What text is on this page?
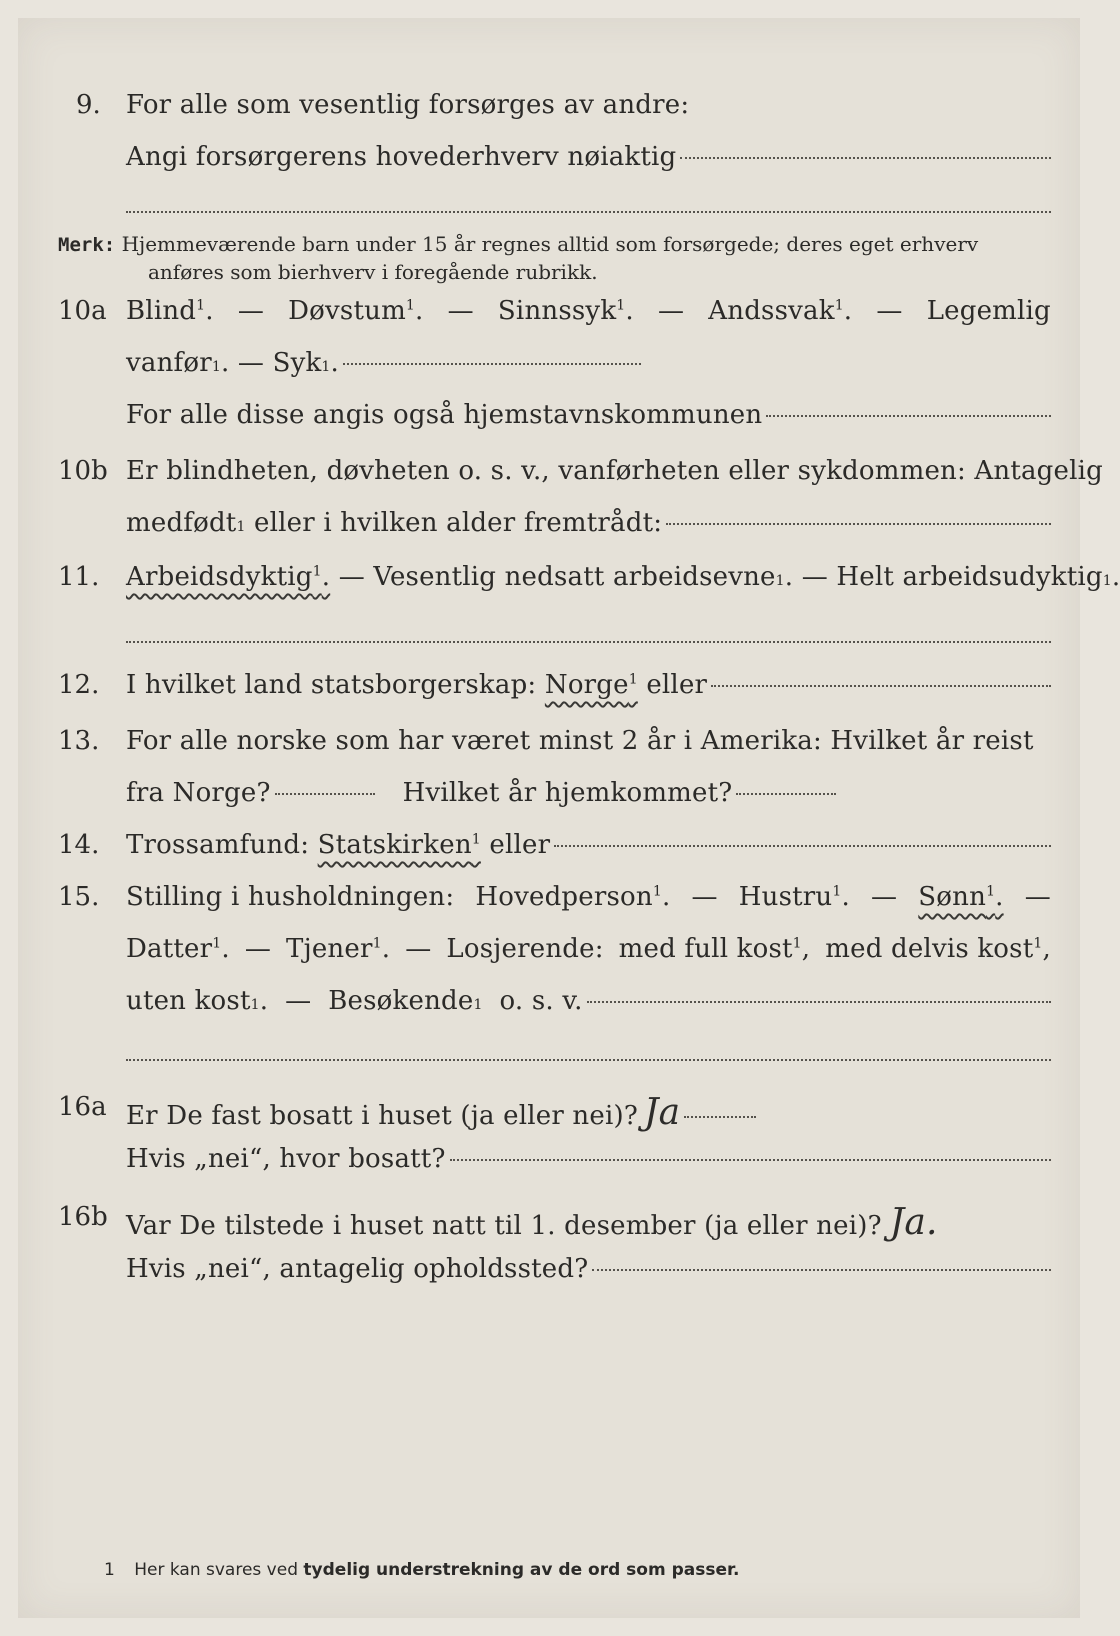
9. For alle som vesentlig forsørges av andre:
Angi forsørgerens hovederhverv nøiaktig
Merk: Hjemmeværende barn under 15 år regnes alltid som forsørgede; deres eget erhverv
anføres som bierhverv i foregående rubrikk.
10a Blind$^1$. — Døvstum$^1$. — Sinnssyk$^1$. — Andssvak$^1$. — Legemlig
vanfør 1 . —
Syk 1 .
For alle disse angis også hjemstavnskommunen
10b Er blindheten, døvheten o. s. v., vanførheten eller sykdommen: Antagelig
medfødt 1
eller i hvilken alder fremtrådt:
11. Arbeidsdyktig$^1$.
—
Vesentlig nedsatt arbeidsevne 1 . —
Helt arbeidsudyktig 1 .
12. I hvilket land statsborgerskap:
Norge$^1$
eller
13. For alle norske som har været minst 2 år i Amerika: Hvilket år reist
fra Norge?	Hvilket år hjemkommet?
14. Trossamfund:
Statskirken$^1$
eller
15. Stilling i husholdningen: Hovedperson$^1$. — Hustru$^1$. — Sønn$^1$. —
Datter$^1$. — Tjener$^1$. — Losjerende: med full kost$^1$, med delvis kost$^1$,
uten kost 1 . —
Besøkende 1
o. s. v.
16a Er De fast bosatt i huset (ja eller nei)? Ja
Hvis „nei“, hvor bosatt?
16b Var De tilstede i huset natt til 1. desember (ja eller nei)? Ja.
Hvis „nei“, antagelig opholdssted?
1 Her kan svares ved tydelig understrekning av de ord som passer.
